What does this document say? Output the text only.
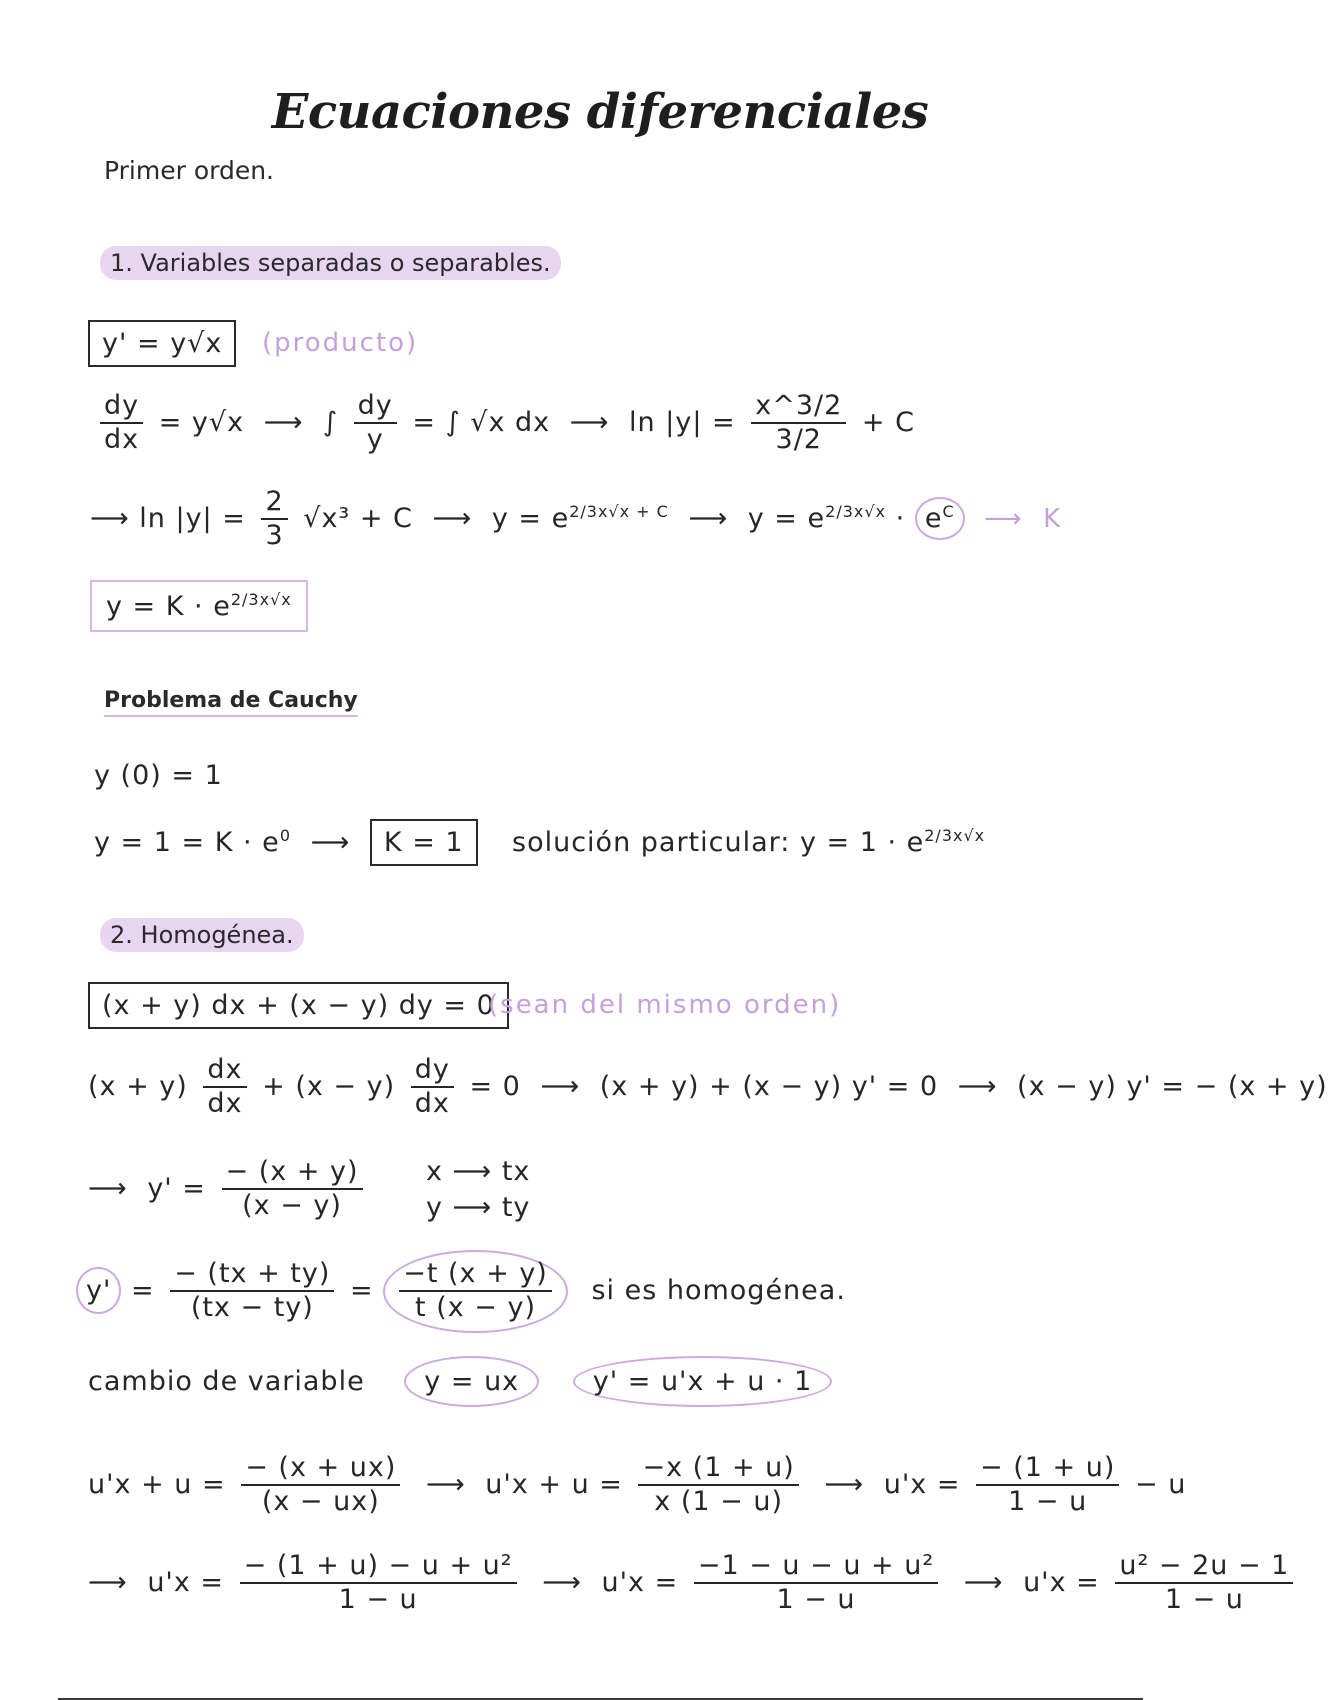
Ecuaciones diferenciales
Primer orden.
1. Variables separadas o separables.
y' = y√x	(producto)
$\frac{dy}{dx} = y√x$ ⟶ ∫ $\frac{dy}{y}$ = ∫ √x dx ⟶ $\ln |y| = \frac{x\^{}3/2}{3/2} + C$
⟶ $\ln |y| = \frac{2}{3} √x^3 + C$ ⟶ $y = e^{2/3x√x + C}$ ⟶ $y = e^{2/3x√x} \cdot e^C$ ⟶ K
$y = K \cdot e^{2/3x√x}$
Problema de Cauchy
y (0) = 1
$y = 1 = K \cdot e^0$ ⟶ K = 1	solución particular: $y = 1 \cdot e^{2/3x√x}$
2. Homogénea.
(x + y) dx + (x − y) dy = 0
(sean del mismo orden)
$(x + y) \frac{dx}{dx} + (x - y) \frac{dy}{dx} = 0$ ⟶ (x + y) + (x − y) y' = 0 ⟶ (x − y) y' = − (x + y)
⟶ $y' = \frac{- (x + y)}{(x - y)}$ x ⟶ tx
y ⟶ ty
$y' = \frac{- (tx + ty)}{(tx - ty)} = \frac{-t (x + y)}{t (x - y)}$ si es homogénea.
cambio de variable y = ux	y' = u'x + u · 1
$u'x + u = \frac{- (x + ux)}{(x - ux)}$ ⟶ $u'x + u = \frac{-x (1 + u)}{x (1 - u)}$ ⟶ $u'x = \frac{- (1 + u)}{1 - u} - u$
⟶ $u'x = \frac{\text{− (1 + u) − u + u²}}{1 - u}$ ⟶ $u'x = \frac{\text{−1 − u − u + u²}}{1 - u}$ ⟶ $u'x = \frac{\text{u² − 2u − 1}}{1 - u}$
